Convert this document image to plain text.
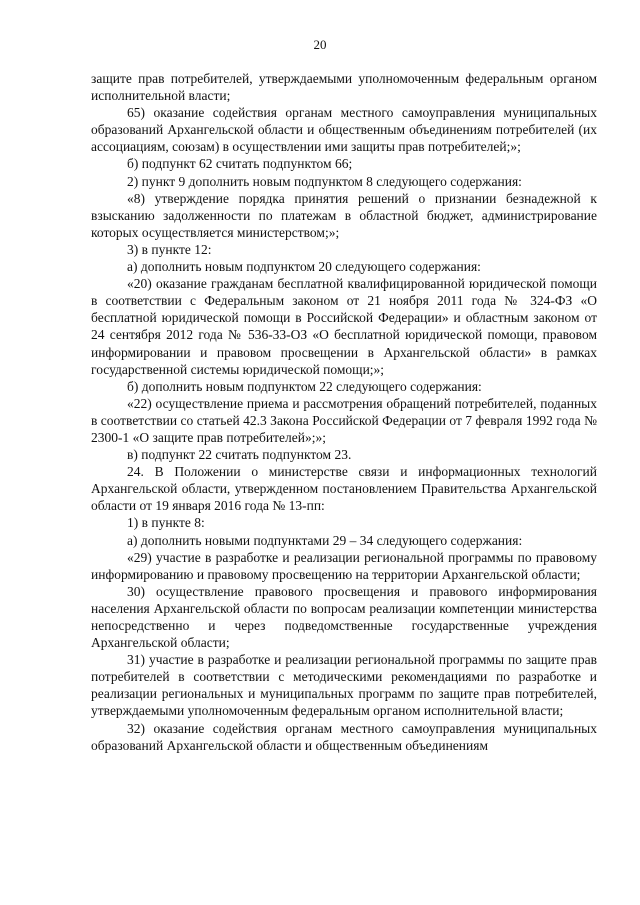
20

защите прав потребителей, утверждаемыми уполномоченным федеральным органом исполнительной власти;

65) оказание содействия органам местного самоуправления муниципальных образований Архангельской области и общественным объединениям потребителей (их ассоциациям, союзам) в осуществлении ими защиты прав потребителей;»;

б) подпункт 62 считать подпунктом 66;

2) пункт 9 дополнить новым подпунктом 8 следующего содержания:

«8) утверждение порядка принятия решений о признании безнадежной к взысканию задолженности по платежам в областной бюджет, администрирование которых осуществляется министерством;»;

3) в пункте 12:

а) дополнить новым подпунктом 20 следующего содержания:

«20) оказание гражданам бесплатной квалифицированной юридической помощи в соответствии с Федеральным законом от 21 ноября 2011 года № 324-ФЗ «О бесплатной юридической помощи в Российской Федерации» и областным законом от 24 сентября 2012 года № 536-33-ОЗ «О бесплатной юридической помощи, правовом информировании и правовом просвещении в Архангельской области» в рамках государственной системы юридической помощи;»;

б) дополнить новым подпунктом 22 следующего содержания:

«22) осуществление приема и рассмотрения обращений потребителей, поданных в соответствии со статьей 42.3 Закона Российской Федерации от 7 февраля 1992 года № 2300-1 «О защите прав потребителей»;»;

в) подпункт 22 считать подпунктом 23.

24. В Положении о министерстве связи и информационных технологий Архангельской области, утвержденном постановлением Правительства Архангельской области от 19 января 2016 года № 13-пп:

1) в пункте 8:

а) дополнить новыми подпунктами 29 – 34 следующего содержания:

«29) участие в разработке и реализации региональной программы по правовому информированию и правовому просвещению на территории Архангельской области;

30) осуществление правового просвещения и правового информирования населения Архангельской области по вопросам реализации компетенции министерства непосредственно и через подведомственные государственные учреждения Архангельской области;

31) участие в разработке и реализации региональной программы по защите прав потребителей в соответствии с методическими рекомендациями по разработке и реализации региональных и муниципальных программ по защите прав потребителей, утверждаемыми уполномоченным федеральным органом исполнительной власти;

32) оказание содействия органам местного самоуправления муниципальных образований Архангельской области и общественным объединениям
